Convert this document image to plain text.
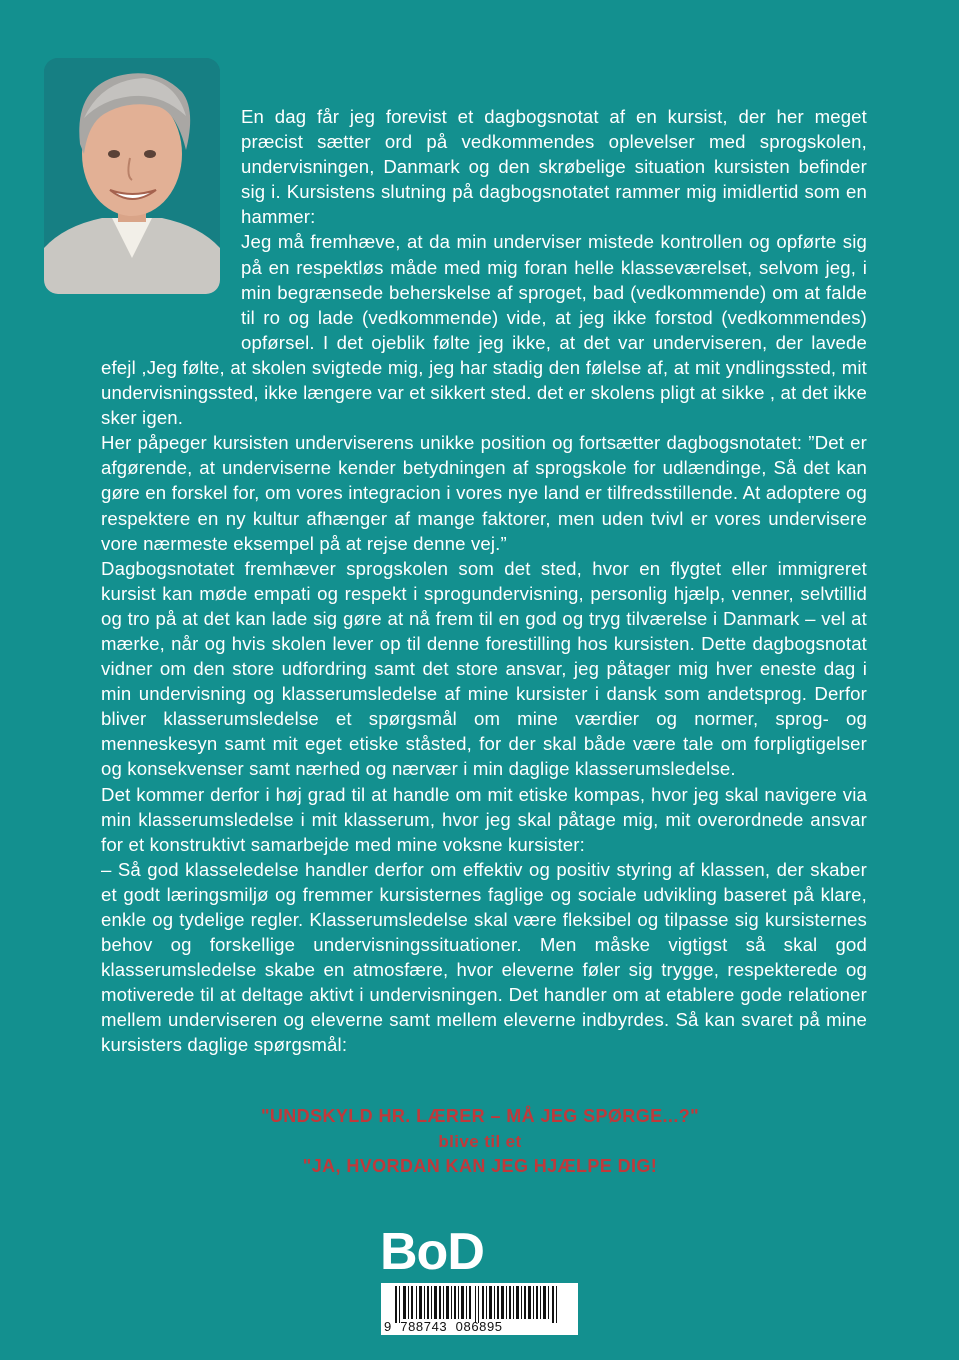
En dag får jeg forevist et dagbogsnotat af en kursist, der her meget præcist sætter ord på vedkommendes oplevelser med sprogskolen, undervisningen, Danmark og den skrøbelige situation kursisten befinder sig i. Kursistens slutning på dagbogsnotatet rammer mig imidlertid som en hammer:

Jeg må fremhæve, at da min underviser mistede kontrollen og opførte sig på en respektløs måde med mig foran helle klasseværelset, selvom jeg, i min begrænsede beherskelse af sproget, bad (vedkommende) om at falde til ro og lade (vedkommende) vide, at jeg ikke forstod (vedkommendes) opførsel. I det ojeblik følte jeg ikke, at det var underviseren, der lavede efejl ,Jeg følte, at skolen svigtede mig, jeg har stadig den følelse af, at mit yndlingssted, mit undervisningssted, ikke længere var et sikkert sted. det er skolens pligt at sikke , at det ikke sker igen.

Her påpeger kursisten underviserens unikke position og fortsætter dagbogsnotatet: ”Det er afgørende, at underviserne kender betydningen af sprogskole for udlændinge, Så det kan gøre en forskel for, om vores integracion i vores nye land er tilfredsstillende. At adoptere og respektere en ny kultur afhænger af mange faktorer, men uden tvivl er vores undervisere vore nærmeste eksempel på at rejse denne vej.”

Dagbogsnotatet fremhæver sprogskolen som det sted, hvor en flygtet eller immigreret kursist kan møde empati og respekt i sprogundervisning, personlig hjælp, venner, selvtillid og tro på at det kan lade sig gøre at nå frem til en god og tryg tilværelse i Danmark – vel at mærke, når og hvis skolen lever op til denne forestilling hos kursisten. Dette dagbogsnotat vidner om den store udfordring samt det store ansvar, jeg påtager mig hver eneste dag i min undervisning og klasserumsledelse af mine kursister i dansk som andetsprog. Derfor bliver klasserumsledelse et spørgsmål om mine værdier og normer, sprog- og menneskesyn samt mit eget etiske ståsted, for der skal både være tale om forpligtigelser og konsekvenser samt nærhed og nærvær i min daglige klasserumsledelse.

Det kommer derfor i høj grad til at handle om mit etiske kompas, hvor jeg skal navigere via min klasserumsledelse i mit klasserum, hvor jeg skal påtage mig, mit overordnede ansvar for et konstruktivt samarbejde med mine voksne kursister:

– Så god klasseledelse handler derfor om effektiv og positiv styring af klassen, der skaber et godt læringsmiljø og fremmer kursisternes faglige og sociale udvikling baseret på klare, enkle og tydelige regler. Klasserumsledelse skal være fleksibel og tilpasse sig kursisternes behov og forskellige undervisningssituationer. Men måske vigtigst så skal god klasserumsledelse skabe en atmosfære, hvor eleverne føler sig trygge, respekterede og motiverede til at deltage aktivt i undervisningen. Det handler om at etablere gode relationer mellem underviseren og eleverne samt mellem eleverne indbyrdes. Så kan svaret på mine kursisters daglige spørgsmål:

"UNDSKYLD HR. LÆRER – MÅ JEG SPØRGE...?"
blive til et
"JA, HVORDAN KAN JEG HJÆLPE DIG!
BoD
9  788743  086895
